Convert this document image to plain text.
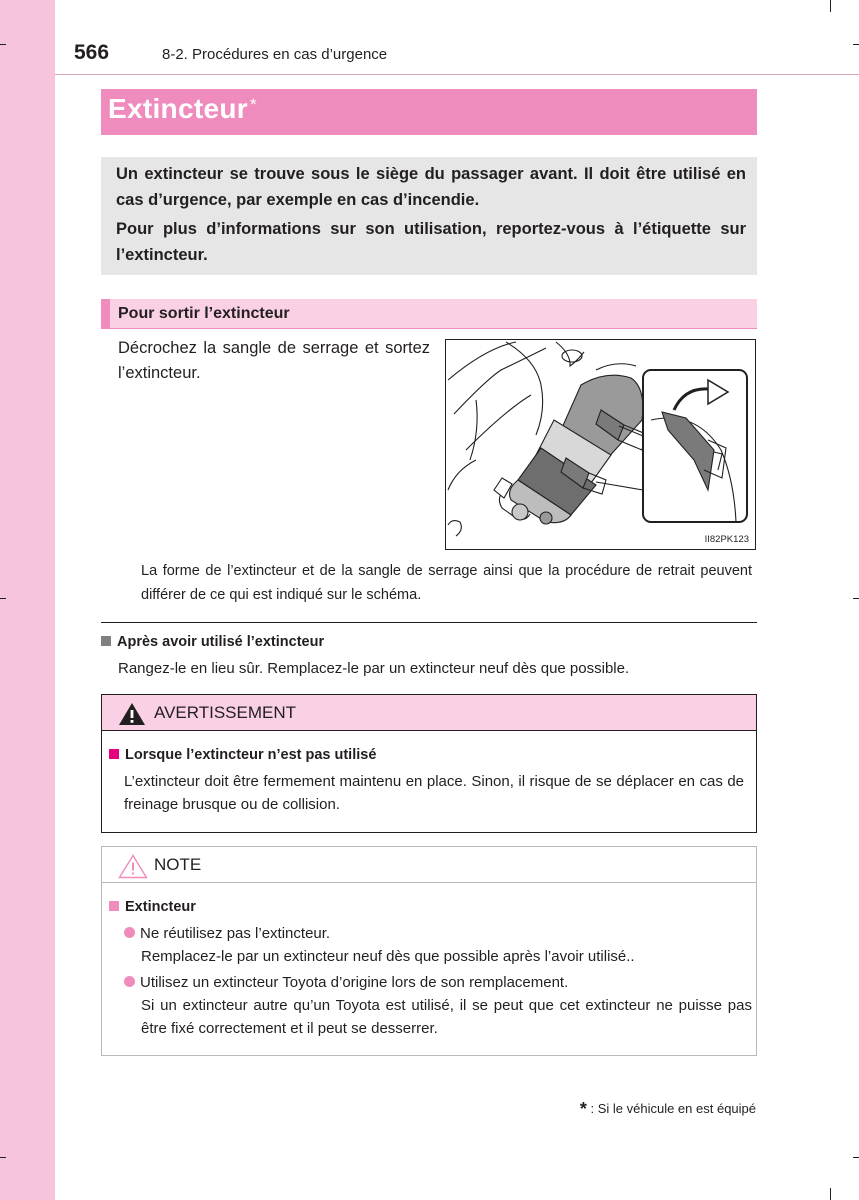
566	8-2. Procédures en cas d’urgence
Extincteur *
Un extincteur se trouve sous le siège du passager avant. Il doit être utilisé en cas d’urgence, par exemple en cas d’incendie.
Pour plus d’informations sur son utilisation, reportez-vous à l’étiquette sur l’extincteur.
Pour sortir l’extincteur
Décrochez la sangle de serrage et sortez l’extincteur.
II82PK123
La forme de l’extincteur et de la sangle de serrage ainsi que la procédure de retrait peuvent différer de ce qui est indiqué sur le schéma.
Après avoir utilisé l’extincteur
Rangez-le en lieu sûr. Remplacez-le par un extincteur neuf dès que possible.
AVERTISSEMENT
Lorsque l’extincteur n’est pas utilisé
L’extincteur doit être fermement maintenu en place. Sinon, il risque de se déplacer en cas de freinage brusque ou de collision.
NOTE
Extincteur
Ne réutilisez pas l’extincteur.
Remplacez-le par un extincteur neuf dès que possible après l’avoir utilisé..
Utilisez un extincteur Toyota d’origine lors de son remplacement.
Si un extincteur autre qu’un Toyota est utilisé, il se peut que cet extincteur ne puisse pas être fixé correctement et il peut se desserrer.
* : Si le véhicule en est équipé
